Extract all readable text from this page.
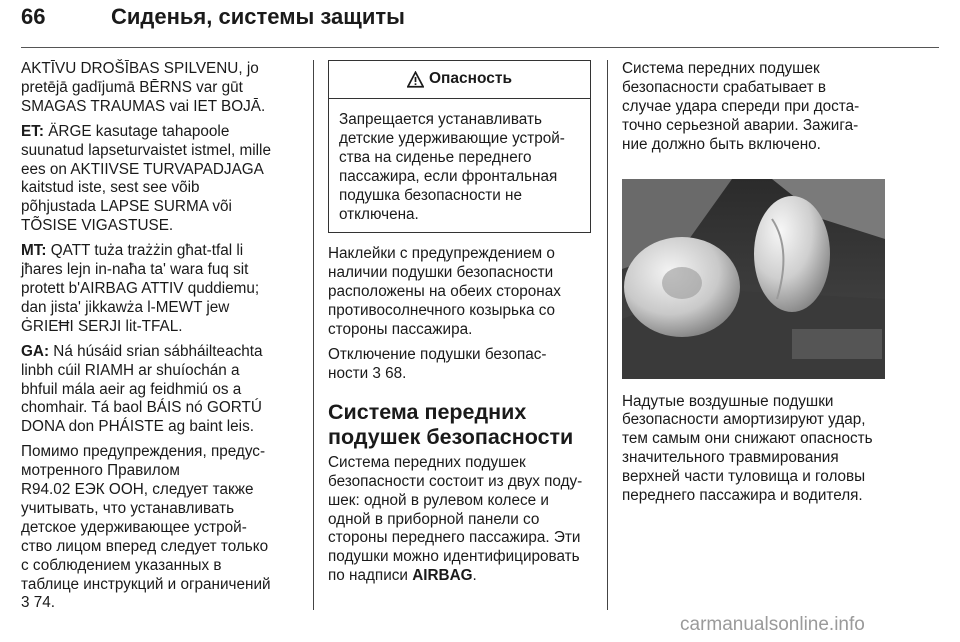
66	Сиденья, системы защиты

AKTĪVU DROŠĪBAS SPILVENU, jo
pretējā gadījumā BĒRNS var gūt
SMAGAS TRAUMAS vai IET BOJĀ.

ET: ÄRGE kasutage tahapoole
suunatud lapseturvaistet istmel, mille
ees on AKTIIVSE TURVAPADJAGA
kaitstud iste, sest see võib
põhjustada LAPSE SURMA või
TÕSISE VIGASTUSE.

MT: QATT tuża trażżin għat-tfal li
jħares lejn in-naħa ta' wara fuq sit
protett b'AIRBAG ATTIV quddiemu;
dan jista' jikkawża l-MEWT jew
ĠRIEĦI SERJI lit-TFAL.

GA: Ná húsáid srian sábháilteachta
linbh cúil RIAMH ar shuíochán a
bhfuil mála aeir ag feidhmiú os a
chomhair. Tá baol BÁIS nó GORTÚ
DONA don PHÁISTE ag baint leis.

Помимо предупреждения, предус-
мотренного Правилом
R94.02 ЕЭК ООН, следует также
учитывать, что устанавливать
детское удерживающее устрой-
ство лицом вперед следует только
с соблюдением указанных в
таблице инструкций и ограничений
3 74.

Опасность
Запрещается устанавливать
детские удерживающие устрой-
ства на сиденье переднего
пассажира, если фронтальная
подушка безопасности не
отключена.

Наклейки с предупреждением о
наличии подушки безопасности
расположены на обеих сторонах
противосолнечного козырька со
стороны пассажира.

Отключение подушки безопас-
ности 3 68.

Система передних
подушек безопасности

Система передних подушек
безопасности состоит из двух поду-
шек: одной в рулевом колесе и
одной в приборной панели со
стороны переднего пассажира. Эти
подушки можно идентифицировать
по надписи AIRBAG.

Система передних подушек
безопасности срабатывает в
случае удара спереди при доста-
точно серьезной аварии. Зажига-
ние должно быть включено.

Надутые воздушные подушки
безопасности амортизируют удар,
тем самым они снижают опасность
значительного травмирования
верхней части туловища и головы
переднего пассажира и водителя.

carmanualsonline.info
